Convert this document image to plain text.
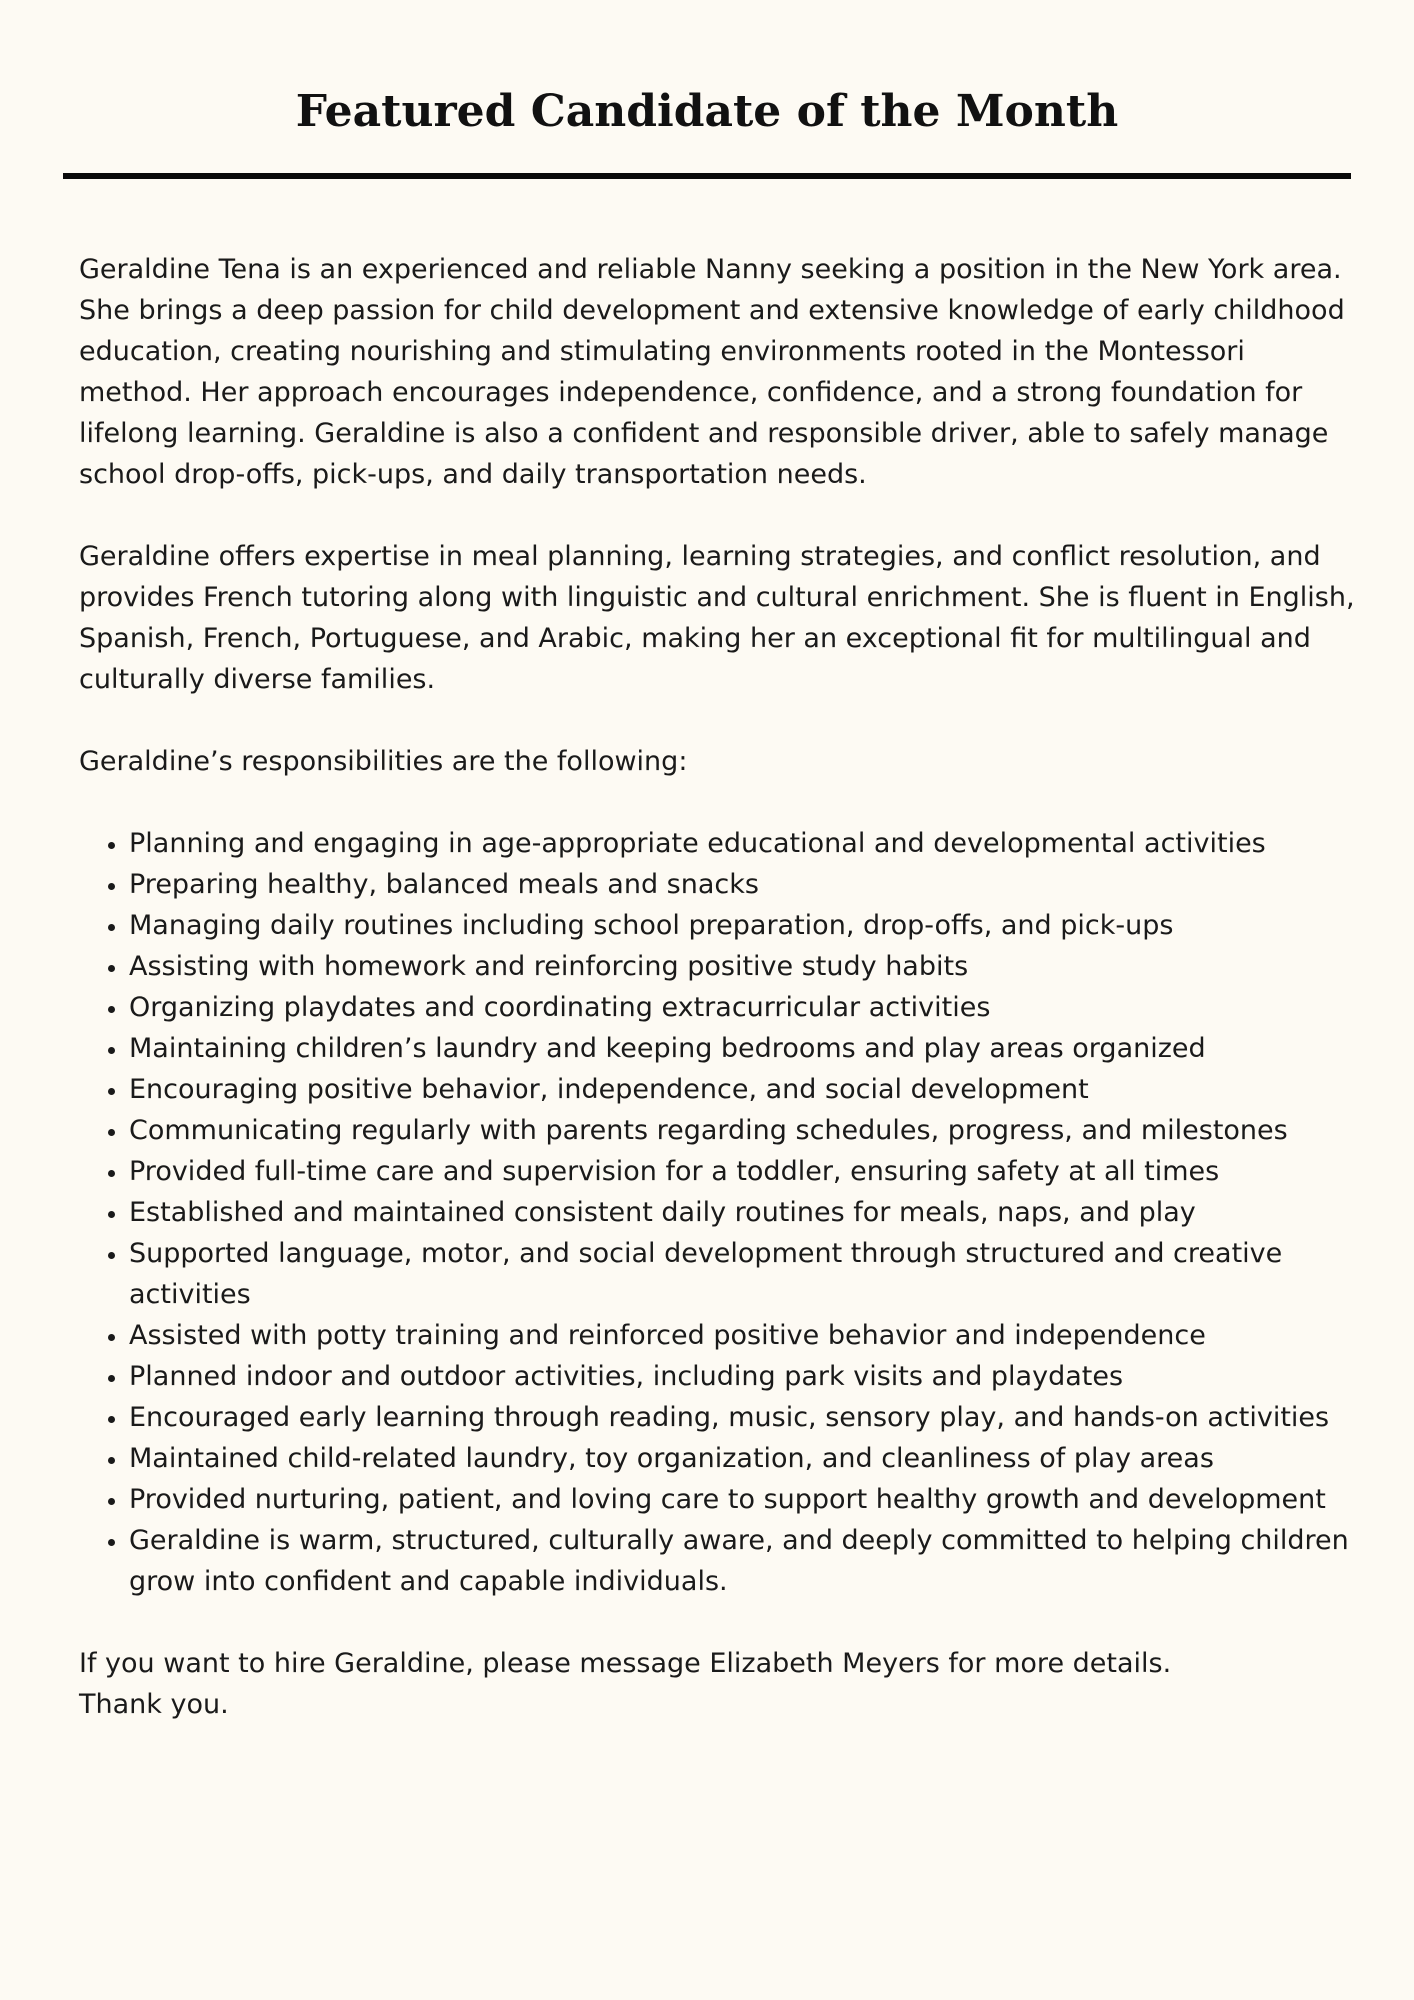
Featured Candidate of the Month

Geraldine Tena is an experienced and reliable Nanny seeking a position in the New York area. She brings a deep passion for child development and extensive knowledge of early childhood education, creating nourishing and stimulating environments rooted in the Montessori method. Her approach encourages independence, confidence, and a strong foundation for lifelong learning. Geraldine is also a confident and responsible driver, able to safely manage school drop-offs, pick-ups, and daily transportation needs.

Geraldine offers expertise in meal planning, learning strategies, and conflict resolution, and provides French tutoring along with linguistic and cultural enrichment. She is fluent in English, Spanish, French, Portuguese, and Arabic, making her an exceptional fit for multilingual and culturally diverse families.

Geraldine’s responsibilities are the following:

• Planning and engaging in age-appropriate educational and developmental activities
• Preparing healthy, balanced meals and snacks
• Managing daily routines including school preparation, drop-offs, and pick-ups
• Assisting with homework and reinforcing positive study habits
• Organizing playdates and coordinating extracurricular activities
• Maintaining children’s laundry and keeping bedrooms and play areas organized
• Encouraging positive behavior, independence, and social development
• Communicating regularly with parents regarding schedules, progress, and milestones
• Provided full-time care and supervision for a toddler, ensuring safety at all times
• Established and maintained consistent daily routines for meals, naps, and play
• Supported language, motor, and social development through structured and creative activities
• Assisted with potty training and reinforced positive behavior and independence
• Planned indoor and outdoor activities, including park visits and playdates
• Encouraged early learning through reading, music, sensory play, and hands-on activities
• Maintained child-related laundry, toy organization, and cleanliness of play areas
• Provided nurturing, patient, and loving care to support healthy growth and development
• Geraldine is warm, structured, culturally aware, and deeply committed to helping children grow into confident and capable individuals.

If you want to hire Geraldine, please message Elizabeth Meyers for more details.
Thank you.
